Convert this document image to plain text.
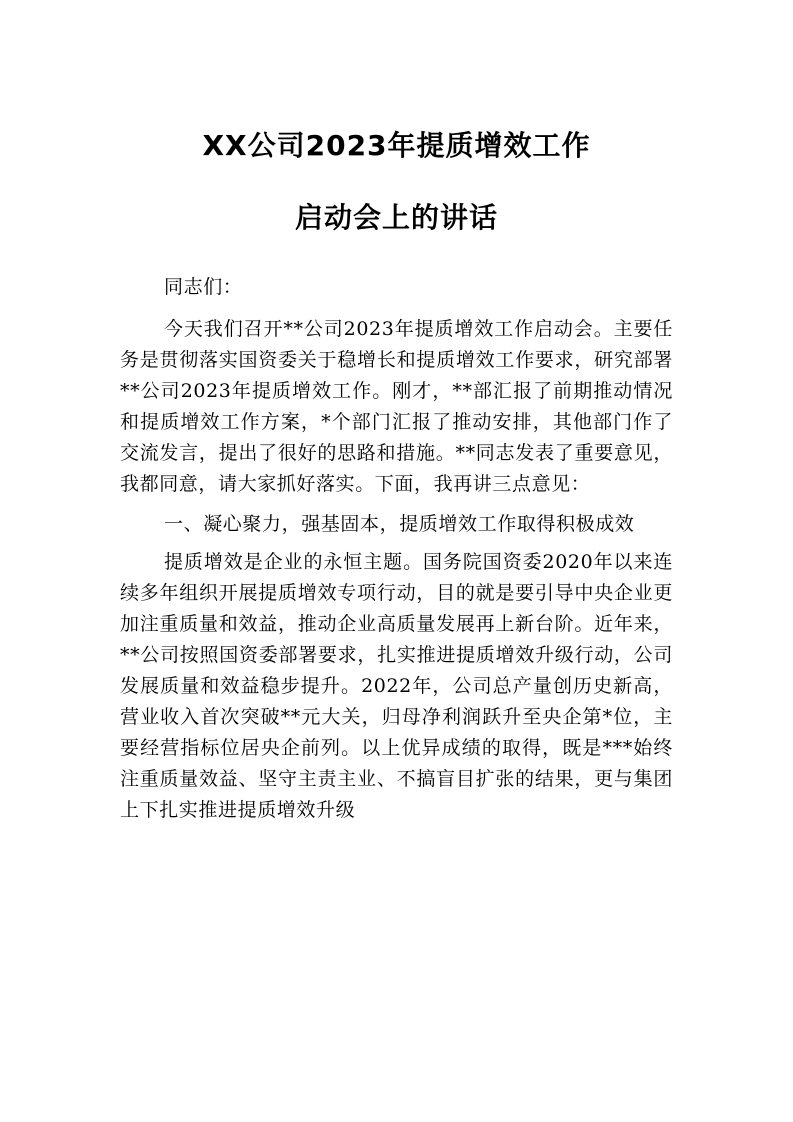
XX公司2023年提质增效工作
启动会上的讲话

同志们：

今天我们召开**公司2023年提质增效工作启动会。主要任务是贯彻落实国资委关于稳增长和提质增效工作要求，研究部署**公司2023年提质增效工作。刚才，**部汇报了前期推动情况和提质增效工作方案，*个部门汇报了推动安排，其他部门作了交流发言，提出了很好的思路和措施。**同志发表了重要意见，我都同意，请大家抓好落实。下面，我再讲三点意见：

一、凝心聚力，强基固本，提质增效工作取得积极成效

提质增效是企业的永恒主题。国务院国资委2020年以来连续多年组织开展提质增效专项行动，目的就是要引导中央企业更加注重质量和效益，推动企业高质量发展再上新台阶。近年来，**公司按照国资委部署要求，扎实推进提质增效升级行动，公司发展质量和效益稳步提升。2022年，公司总产量创历史新高，营业收入首次突破**元大关，归母净利润跃升至央企第*位，主要经营指标位居央企前列。以上优异成绩的取得，既是***始终注重质量效益、坚守主责主业、不搞盲目扩张的结果，更与集团上下扎实推进提质增效升级
